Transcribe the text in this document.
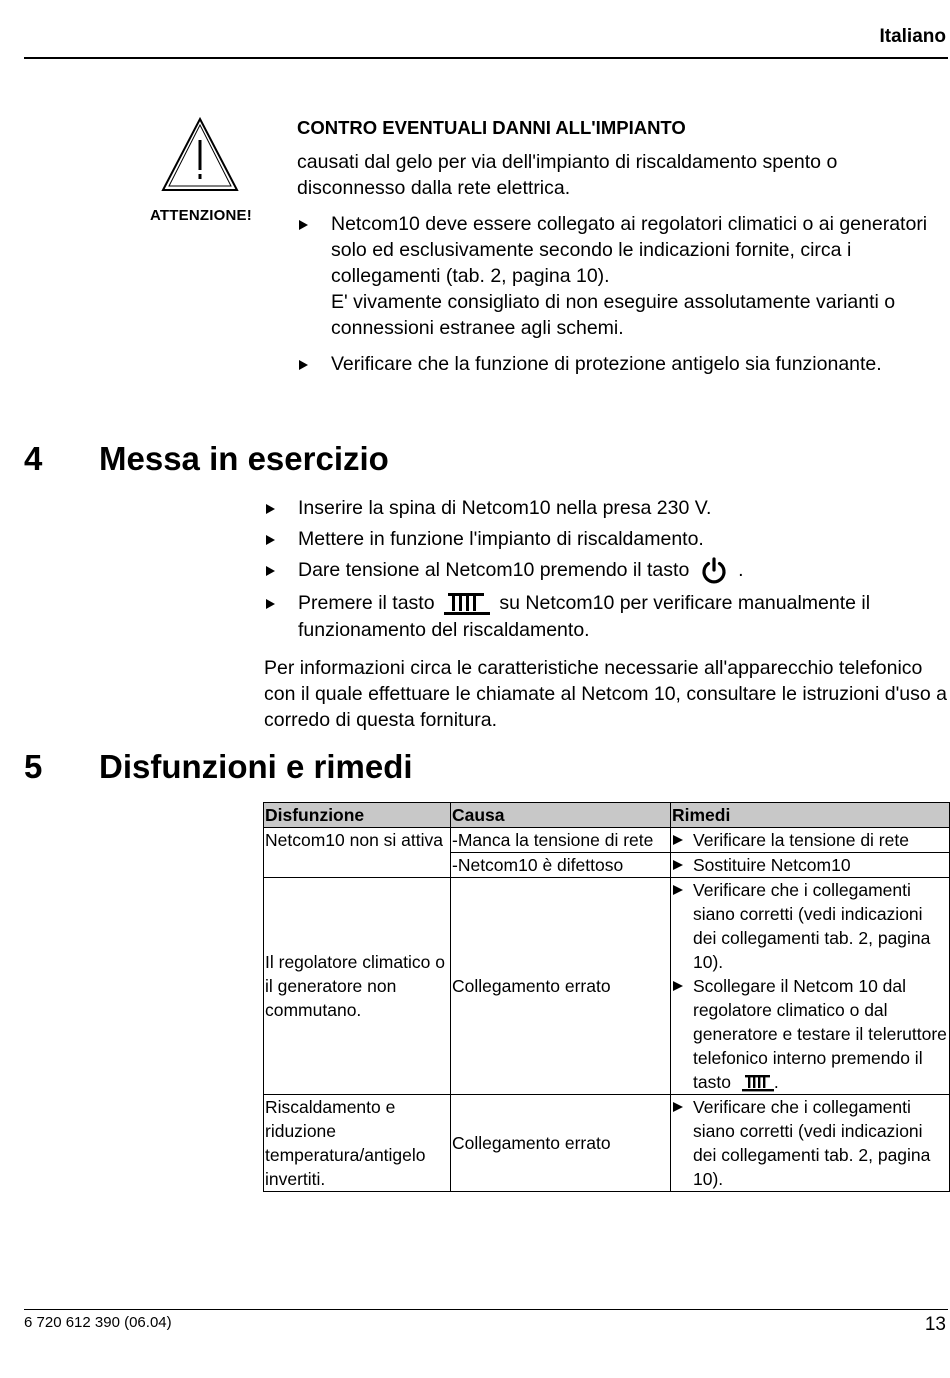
Italiano
ATTENZIONE!
CONTRO EVENTUALI DANNI ALL'IMPIANTO

causati dal gelo per via dell'impianto di riscaldamento spento o disconnesso dalla rete elettrica.

Netcom10 deve essere collegato ai regolatori climatici o ai generatori solo ed esclusivamente secondo le indicazioni fornite, circa i collegamenti (tab. 2, pagina 10).
E' vivamente consigliato di non eseguire assolutamente varianti o connessioni estranee agli schemi.
Verificare che la funzione di protezione antigelo sia funzionante.
4 Messa in esercizio
Inserire la spina di Netcom10 nella presa 230 V.
Mettere in funzione l'impianto di riscaldamento.
Dare tensione al Netcom10 premendo il tasto	.
Premere il tasto	su Netcom10 per verificare manualmente il funzionamento del riscaldamento.
Per informazioni circa le caratteristiche necessarie all'apparecchio telefonico con il quale effettuare le chiamate al Netcom 10, consultare le istruzioni d'uso a corredo di questa fornitura.
5 Disfunzioni e rimedi
Disfunzione	Causa	Rimedi
Netcom10 non si attiva	-Manca la tensione di rete	Verificare la tensione di rete

	-Netcom10 è difettoso	Sostituire Netcom10

Il regolatore climatico o il generatore non commutano.	Collegamento errato	Verificare che i collegamenti siano corretti (vedi indicazioni dei collegamenti tab. 2, pagina 10).
Scollegare il Netcom 10 dal regolatore climatico o dal generatore e testare il teleruttore telefonico interno premendo il tasto .

Riscaldamento e riduzione temperatura/antigelo invertiti.	Collegamento errato	Verificare che i collegamenti siano corretti (vedi indicazioni dei collegamenti tab. 2, pagina 10).
6 720 612 390 (06.04)	13
